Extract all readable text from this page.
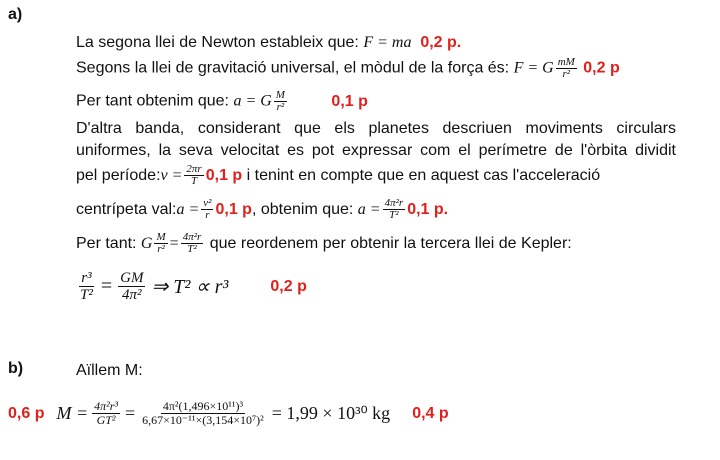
a)
La segona llei de Newton estableix que: F = ma 0,2 p.
Segons la llei de gravitació universal, el mòdul de la força és: F = G $\frac{mM}{\text{r²}} 0,2$ p
Per tant obtenim que: a = G $\frac{M}{\text{r²}}$	0,1 p
D'altra banda, considerant que els planetes descriuen moviments circulars uniformes, la seva velocitat es pot expressar com el perímetre de l'òrbita dividit
pel període: $v = \frac{2\pi r}{T} 0,1$ p i tenint en compte que en aquest cas l'acceleració
centrípeta val: $a = \frac{\text{v²}}{r} 0,1$ p , obtenim que: $a = \frac{\text{4π²r}}{\text{T²}} 0,1$ p.
Per tant: G $\frac{M}{\text{r²}} = \frac{\text{4π²r}}{\text{T²}}$ que reordenem per obtenir la tercera llei de Kepler:
$\frac{\text{r³}}{\text{T²}} = \frac{GM}{\text{4π²}}$ ⇒ T² ∝ r³	0,2 p
b)	Aïllem M:
0,6 p $M = \frac{\text{4π²r³}}{\text{GT²}} = \frac{\text{4π²(1,496×10¹¹)³}}{\text{6,67×10⁻¹¹×(3,154×10⁷)²}} = 1,99 \times 10^{30}$ kg 0,4 p
